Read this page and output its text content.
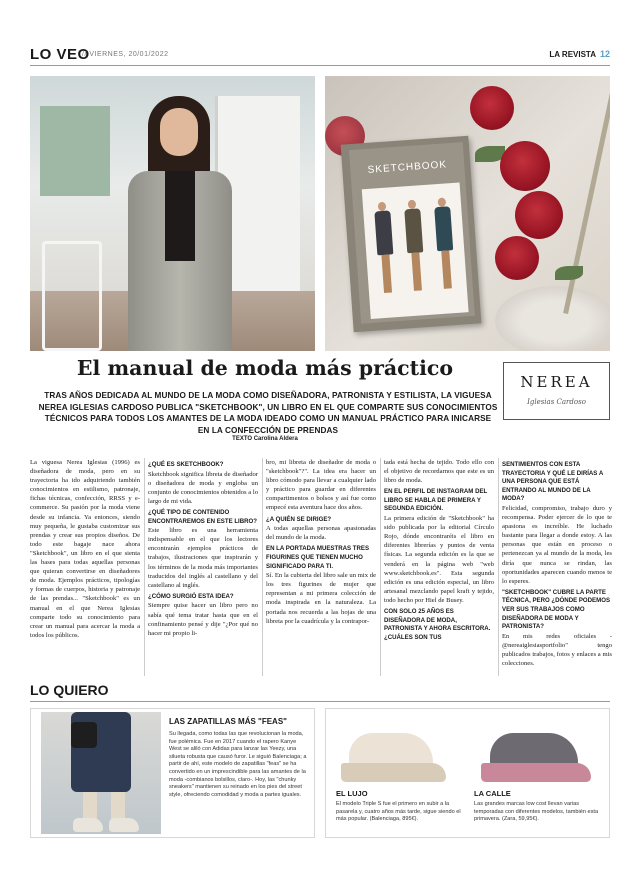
LO VEO
// VIERNES, 20/01/2022	LA REVISTA 12
SKETCHBOOK
El manual de moda más práctico
TRAS AÑOS DEDICADA AL MUNDO DE LA MODA COMO DISEÑADORA, PATRONISTA Y ESTILISTA, LA VIGUESA NEREA IGLESIAS CARDOSO PUBLICA "SKETCHBOOK", UN LIBRO EN EL QUE COMPARTE SUS CONOCIMIENTOS TÉCNICOS PARA TODOS LOS AMANTES DE LA MODA IDEADO COMO UN MANUAL PRÁCTICO PARA INICARSE EN LA CONFECCIÓN DE PRENDAS
TEXTO Carolina Aldera
NEREA
Iglesias Cardoso

La viguesa Nerea Iglesias (1996) es diseñadora de moda, pero en su trayectoria ha ido adquiriendo también conocimientos en estilismo, patronaje, fichas técnicas, confección, RRSS y e-commerce. Su pasión por la moda viene desde su infancia. Ya entonces, siendo muy pequeña, le gustaba customizar sus prendas y crear sus propios diseños. De todo este bagaje nace ahora "Sketchbook", un libro en el que sienta las bases para todas aquellas personas que quieran convertirse en diseñadores de moda. Ejemplos prácticos, tipologías y formas de cuerpos, historia y patronaje de las prendas... "Sketchbook" es un manual en el que Nerea Iglesias comparte todo su conocimiento para crear un manual para acercar la moda a todos los públicos.

¿QUÉ ES SKETCHBOOK?

Sketchbook significa libreta de diseñador o diseñadora de moda y engloba un conjunto de conocimientos obtenidos a lo largo de mi vida.

¿QUÉ TIPO DE CONTENIDO ENCONTRAREMOS EN ESTE LIBRO?

Este libro es una herramienta indispensable en el que los lectores encontrarán ejemplos prácticos de trabajos, ilustraciones que inspirarán y los términos de la moda más importantes traducidos del inglés al castellano y del castellano al inglés.

¿CÓMO SURGIÓ ESTA IDEA?

Siempre quise hacer un libro pero no sabía qué tema tratar hasta que en el confinamiento pensé y dije "¿Por qué no hacer mi propio li-

bro, mi libreta de diseñador de moda o "sketchbook"?". La idea era hacer un libro cómodo para llevar a cualquier lado y práctico para guardar en diferentes compartimentos o bolsos y así fue como empecé esta aventura hace dos años.

¿A QUIÉN SE DIRIGE?

A todas aquellas personas apasionadas del mundo de la moda.

EN LA PORTADA MUESTRAS TRES FIGURINES QUE TIENEN MUCHO SIGNIFICADO PARA TI.

Sí. En la cubierta del libro sale un mix de los tres figurines de mujer que representan a mi primera colección de moda inspirada en la naturaleza. La portada nos recuerda a las hojas de una libreta por la cuadrícula y la contrapor-

tada está hecha de tejido. Todo ello con el objetivo de recordarnos que este es un libro de moda.

EN EL PERFIL DE INSTAGRAM DEL LIBRO SE HABLA DE PRIMERA Y SEGUNDA EDICIÓN.

La primera edición de "Sketchbook" ha sido publicada por la editorial Círculo Rojo, dónde encontraréis el libro en diferentes librerías y puntos de venta físicas. La segunda edición es la que se venderá en la página web "web www.sketchbook.es". Esta segunda edición es una edición especial, un libro artesanal mezclando papel kraft y tejido, todo hecho por Hiel de Busey.

CON SOLO 25 AÑOS ES DISEÑADORA DE MODA, PATRONISTA Y AHORA ESCRITORA. ¿CUÁLES SON TUS
SENTIMIENTOS CON ESTA TRAYECTORIA Y QUÉ LE DIRÍAS A UNA PERSONA QUE ESTÁ ENTRANDO AL MUNDO DE LA MODA?

Felicidad, compromiso, trabajo duro y recompensa. Poder ejercer de lo que te apasiona es increíble. He luchado bastante para llegar a donde estoy. A las personas que están en proceso o pertenezcan ya al mundo de la moda, les diría que nunca se rindan, las oportunidades aparecen cuando menos te lo esperes.

"SKETCHBOOK" CUBRE LA PARTE TÉCNICA, PERO ¿DÓNDE PODEMOS VER SUS TRABAJOS COMO DISEÑADORA DE MODA Y PATRONISTA?

En mis redes oficiales - @nereaiglesiasportfolio" tengo publicados trabajos, fotos y enlaces a mis colecciones.

LO QUIERO
LAS ZAPATILLAS MÁS "FEAS"
Su llegada, como todas las que revolucionan la moda, fue polémica. Fue en 2017 cuando el rapero Kanye West se aliló con Adidas para lanzar las Yeezy, una silueta robusta que causó furor. Le siguió Balenciaga; a partir de ahí, este modelo de zapatillas "feas" se ha convertido en un imprescindible para las amantes de la moda -combianos bolsillos, claro-. Hoy, las "chunky sneakers" mantienen su reinado en los pies del street style, ofreciendo comodidad y moda a partes iguales.	EL LUJO
El modelo Triple S fue el primero en subir a la pasarela y, cuatro años más tarde, sigue siendo el más popular. (Balenciaga, 895€).
LA CALLE
Las grandes marcas low cost llevan varias temporadas con diferentes modelos, también esta primavera. (Zara, 59,95€).
